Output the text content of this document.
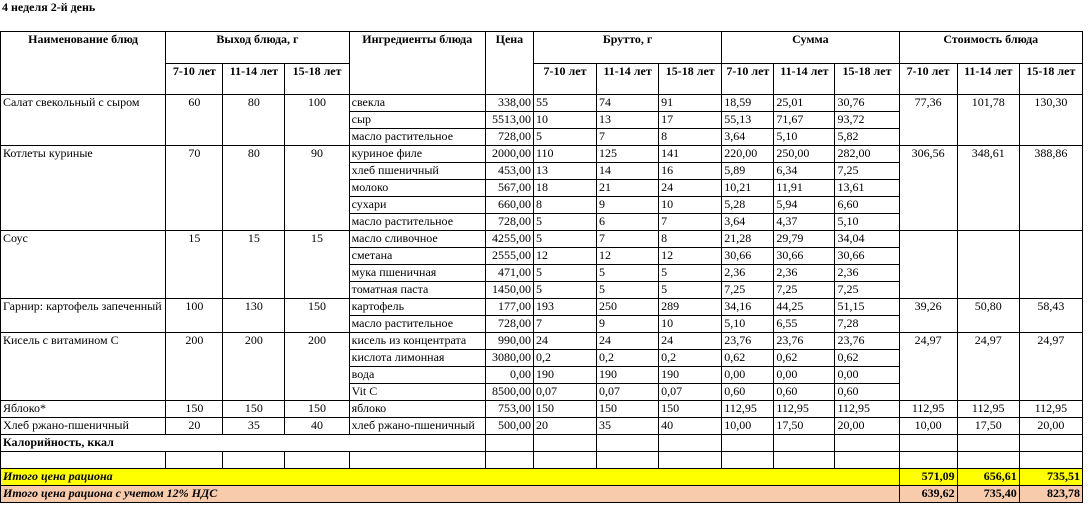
4 неделя 2-й день
Наименование блюд	Выход блюда, г			Ингредиенты блюда	Цена	Брутто, г			Сумма			Стоимость блюда		
	7-10 лет	11-14 лет	15-18 лет			7-10 лет	11-14 лет	15-18 лет	7-10 лет	11-14 лет	15-18 лет	7-10 лет	11-14 лет	15-18 лет
Салат свекольный с сыром	60	80	100	свекла	338,00	55	74	91	18,59	25,01	30,76	77,36	101,78	130,30
				сыр	5513,00	10	13	17	55,13	71,67	93,72			
				масло растительное	728,00	5	7	8	3,64	5,10	5,82			
Котлеты куриные	70	80	90	куриное филе	2000,00	110	125	141	220,00	250,00	282,00	306,56	348,61	388,86
				хлеб пшеничный	453,00	13	14	16	5,89	6,34	7,25			
				молоко	567,00	18	21	24	10,21	11,91	13,61			
				сухари	660,00	8	9	10	5,28	5,94	6,60			
				масло растительное	728,00	5	6	7	3,64	4,37	5,10			
Соус	15	15	15	масло сливочное	4255,00	5	7	8	21,28	29,79	34,04			
				сметана	2555,00	12	12	12	30,66	30,66	30,66			
				мука пшеничная	471,00	5	5	5	2,36	2,36	2,36			
				томатная паста	1450,00	5	5	5	7,25	7,25	7,25			
Гарнир: картофель запеченный	100	130	150	картофель	177,00	193	250	289	34,16	44,25	51,15	39,26	50,80	58,43
				масло растительное	728,00	7	9	10	5,10	6,55	7,28			
Кисель с витамином С	200	200	200	кисель из концентрата	990,00	24	24	24	23,76	23,76	23,76	24,97	24,97	24,97
				кислота лимонная	3080,00	0,2	0,2	0,2	0,62	0,62	0,62			
				вода	0,00	190	190	190	0,00	0,00	0,00			
				Vit C	8500,00	0,07	0,07	0,07	0,60	0,60	0,60			
Яблоко*	150	150	150	яблоко	753,00	150	150	150	112,95	112,95	112,95	112,95	112,95	112,95
Хлеб ржано-пшеничный	20	35	40	хлеб ржано-пшеничный	500,00	20	35	40	10,00	17,50	20,00	10,00	17,50	20,00
Калорийность, ккал														

Итого цена рациона												571,09	656,61	735,51
Итого цена рациона с учетом 12% НДС												639,62	735,40	823,78
